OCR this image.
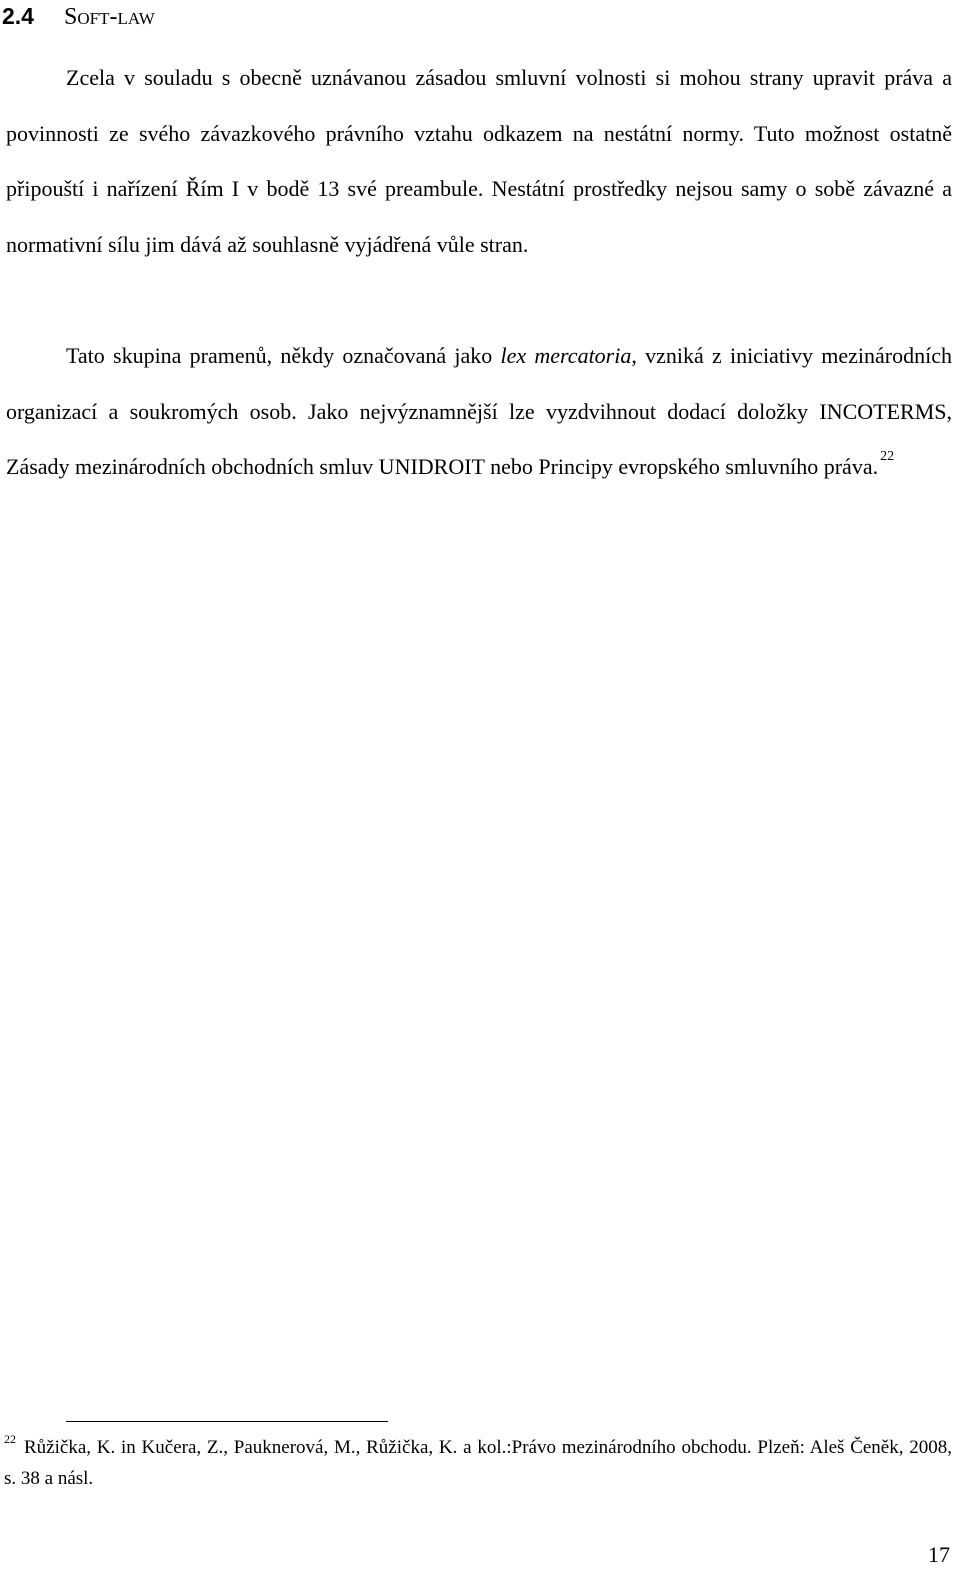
2.4 Soft-law

Zcela v souladu s obecně uznávanou zásadou smluvní volnosti si mohou strany upravit práva a povinnosti ze svého závazkového právního vztahu odkazem na nestátní normy. Tuto možnost ostatně připouští i nařízení Řím I v bodě 13 své preambule. Nestátní prostředky nejsou samy o sobě závazné a normativní sílu jim dává až souhlasně vyjádřená vůle stran.

Tato skupina pramenů, někdy označovaná jako lex mercatoria, vzniká z iniciativy mezinárodních organizací a soukromých osob. Jako nejvýznamnější lze vyzdvihnout dodací doložky INCOTERMS, Zásady mezinárodních obchodních smluv UNIDROIT nebo Principy evropského smluvního práva. $^{22}$

$^{22}$ Růžička, K. in Kučera, Z., Pauknerová, M., Růžička, K. a kol.:Právo mezinárodního obchodu. Plzeň: Aleš Čeněk, 2008, s. 38 a násl.

17
